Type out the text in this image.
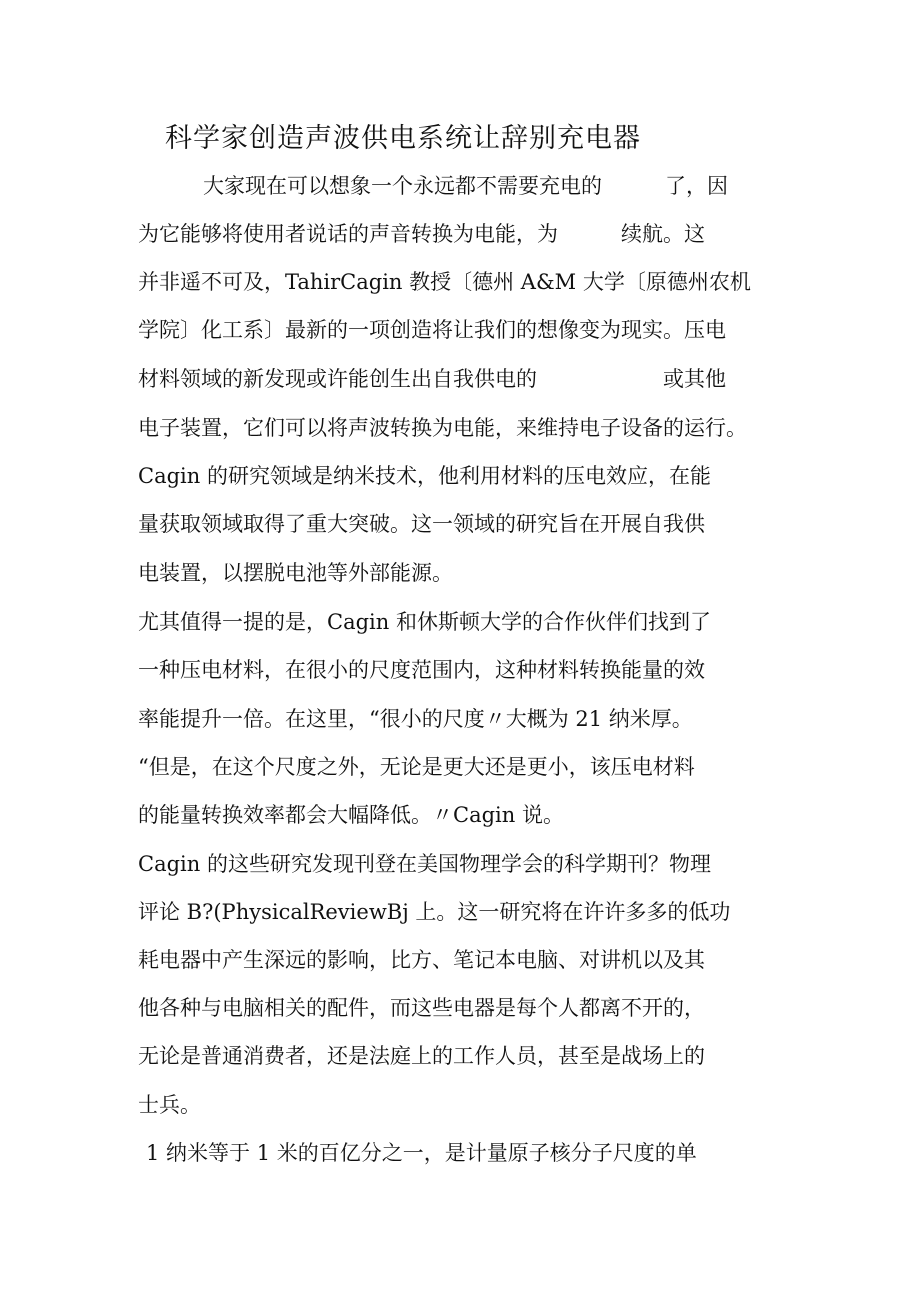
科学家创造声波供电系统让辞别充电器

大家现在可以想象一个永远都不需要充电的　　　了，因

为它能够将使用者说话的声音转换为电能，为　　　续航。这

并非遥不可及，TahirCagin 教授〔德州 A&M 大学〔原德州农机

学院〕化工系〕最新的一项创造将让我们的想像变为现实。压电

材料领域的新发现或许能创生出自我供电的　　　　　　或其他

电子装置，它们可以将声波转换为电能，来维持电子设备的运行。

Cagin 的研究领域是纳米技术，他利用材料的压电效应，在能

量获取领域取得了重大突破。这一领域的研究旨在开展自我供

电装置，以摆脱电池等外部能源。

尤其值得一提的是，Cagin 和休斯顿大学的合作伙伴们找到了

一种压电材料，在很小的尺度范围内，这种材料转换能量的效

率能提升一倍。在这里，“很小的尺度〃大概为 21 纳米厚。

“但是，在这个尺度之外，无论是更大还是更小，该压电材料

的能量转换效率都会大幅降低。〃Cagin 说。

Cagin 的这些研究发现刊登在美国物理学会的科学期刊？物理

评论 B?(PhysicalReviewBj 上。这一研究将在许许多多的低功

耗电器中产生深远的影响，比方、笔记本电脑、对讲机以及其

他各种与电脑相关的配件，而这些电器是每个人都离不开的，

无论是普通消费者，还是法庭上的工作人员，甚至是战场上的

士兵。

1 纳米等于 1 米的百亿分之一，是计量原子核分子尺度的单
